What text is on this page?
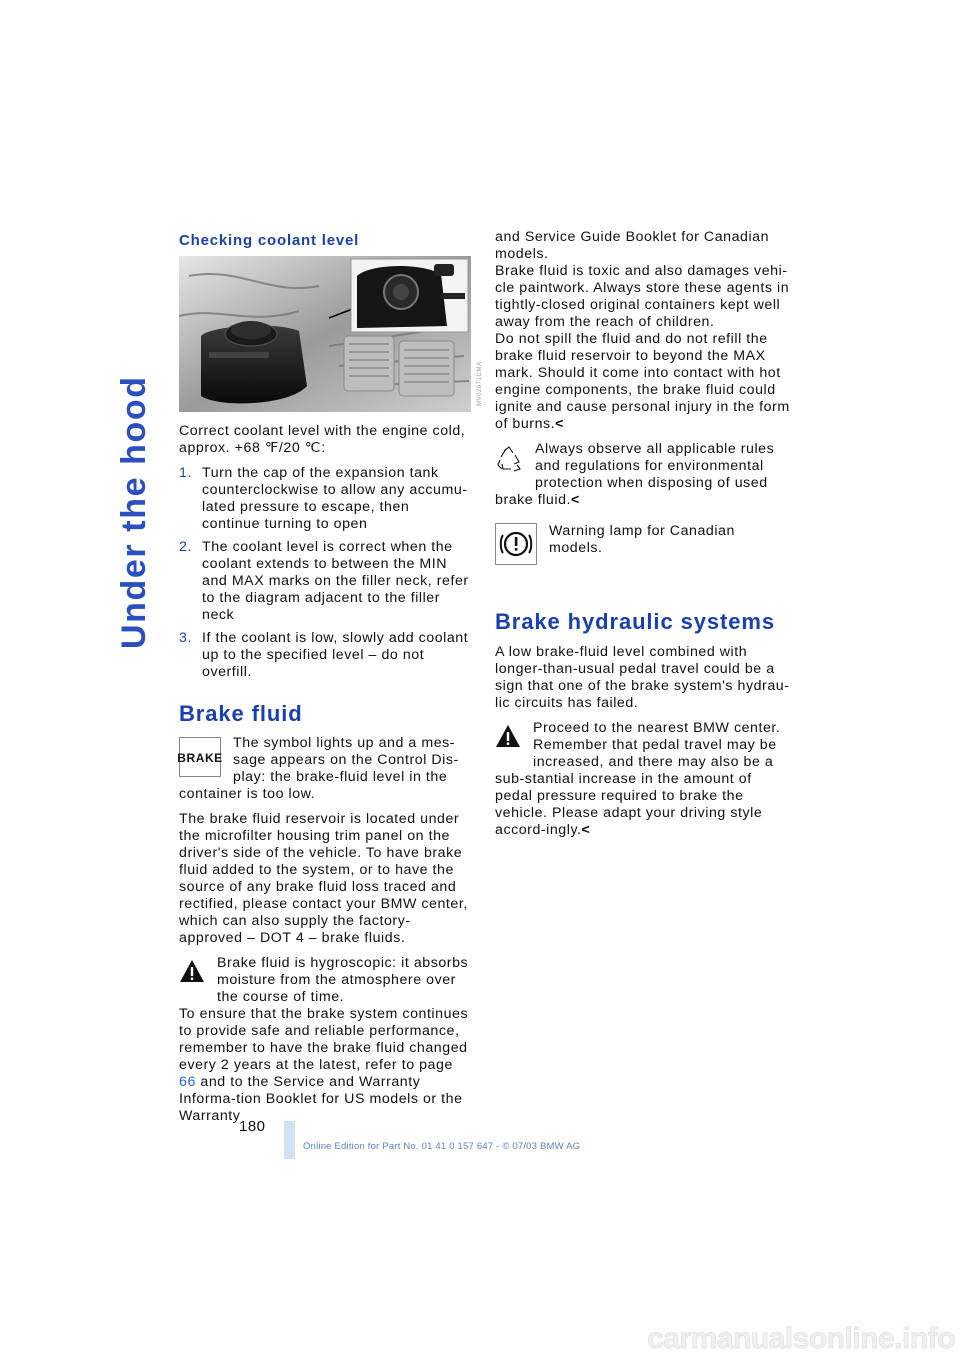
Under the hood
Checking coolant level
MV02071CMA

Correct coolant level with the engine cold, approx. +68 ℉/20 ℃:

1. Turn the cap of the expansion tank counterclockwise to allow any accumu-lated pressure to escape, then continue turning to open
2. The coolant level is correct when the coolant extends to between the MIN and MAX marks on the filler neck, refer to the diagram adjacent to the filler neck
3. If the coolant is low, slowly add coolant up to the specified level – do not overfill.
Brake fluid
BRAKE
The symbol lights up and a mes-sage appears on the Control Dis-play: the brake-fluid level in the container is too low.

The brake fluid reservoir is located under the microfilter housing trim panel on the driver's side of the vehicle. To have brake fluid added to the system, or to have the source of any brake fluid loss traced and rectified, please contact your BMW center, which can also supply the factory-approved – DOT 4 – brake fluids.

Brake fluid is hygroscopic: it absorbs moisture from the atmosphere over the course of time.
To ensure that the brake system continues to provide safe and reliable performance, remember to have the brake fluid changed every 2 years at the latest, refer to page 66 and to the Service and Warranty Informa-tion Booklet for US models or the Warranty

and Service Guide Booklet for Canadian models.

Brake fluid is toxic and also damages vehi-cle paintwork. Always store these agents in tightly-closed original containers kept well away from the reach of children.

Do not spill the fluid and do not refill the brake fluid reservoir to beyond the MAX mark. Should it come into contact with hot engine components, the brake fluid could ignite and cause personal injury in the form of burns.<

Always observe all applicable rules and regulations for environmental protection when disposing of used brake fluid.<
Warning lamp for Canadian models.
Brake hydraulic systems

A low brake-fluid level combined with longer-than-usual pedal travel could be a sign that one of the brake system's hydrau-lic circuits has failed.

Proceed to the nearest BMW center. Remember that pedal travel may be increased, and there may also be a sub-stantial increase in the amount of pedal pressure required to brake the vehicle. Please adapt your driving style accord-ingly.<
180
Online Edition for Part No. 01 41 0 157 647 - © 07/03 BMW AG
carmanualsonline.info
